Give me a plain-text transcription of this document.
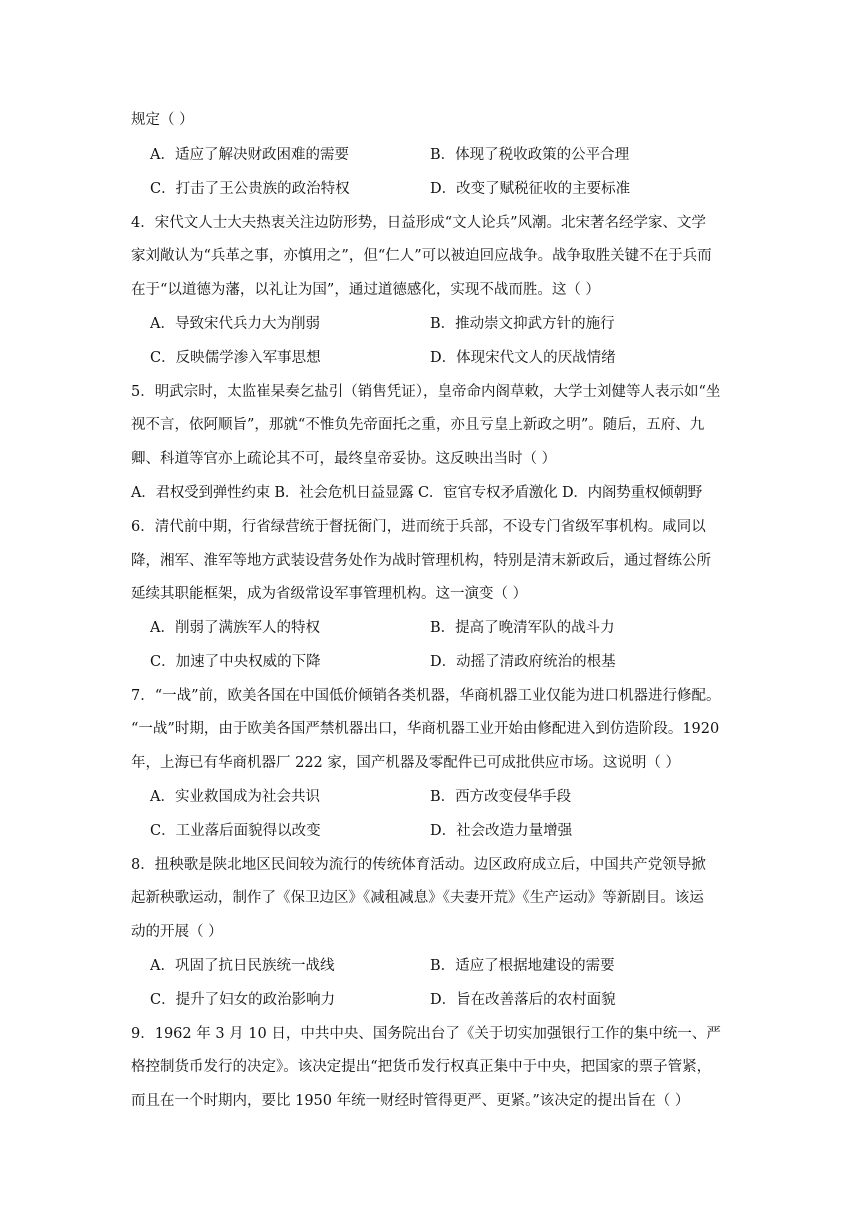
规定（ ）
A．适应了解决财政困难的需要	B．体现了税收政策的公平合理
C．打击了王公贵族的政治特权	D．改变了赋税征收的主要标准
4．宋代文人士大夫热衷关注边防形势，日益形成“文人论兵”风潮。北宋著名经学家、文学
家刘敞认为“兵革之事，亦慎用之”，但“仁人”可以被迫回应战争。战争取胜关键不在于兵而
在于“以道德为藩，以礼让为国”，通过道德感化，实现不战而胜。这（ ）
A．导致宋代兵力大为削弱	B．推动崇文抑武方针的施行
C．反映儒学渗入军事思想	D．体现宋代文人的厌战情绪
5．明武宗时，太监崔杲奏乞盐引（销售凭证），皇帝命内阁草敕，大学士刘健等人表示如“坐
视不言，依阿顺旨”，那就“不惟负先帝面托之重，亦且亏皇上新政之明”。随后，五府、九
卿、科道等官亦上疏论其不可，最终皇帝妥协。这反映出当时（ ）
A．君权受到弹性约束 B．社会危机日益显露 C．宦官专权矛盾激化 D．内阁势重权倾朝野
6．清代前中期，行省绿营统于督抚衙门，进而统于兵部，不设专门省级军事机构。咸同以
降，湘军、淮军等地方武装设营务处作为战时管理机构，特别是清末新政后，通过督练公所
延续其职能框架，成为省级常设军事管理机构。这一演变（ ）
A．削弱了满族军人的特权	B．提高了晚清军队的战斗力
C．加速了中央权威的下降	D．动摇了清政府统治的根基
7．“一战”前，欧美各国在中国低价倾销各类机器，华商机器工业仅能为进口机器进行修配。
“一战”时期，由于欧美各国严禁机器出口，华商机器工业开始由修配进入到仿造阶段。1920
年，上海已有华商机器厂 222 家，国产机器及零配件已可成批供应市场。这说明（ ）
A．实业救国成为社会共识	B．西方改变侵华手段
C．工业落后面貌得以改变	D．社会改造力量增强
8．扭秧歌是陕北地区民间较为流行的传统体育活动。边区政府成立后，中国共产党领导掀
起新秧歌运动，制作了《保卫边区》《减租减息》《夫妻开荒》《生产运动》等新剧目。该运
动的开展（ ）
A．巩固了抗日民族统一战线	B．适应了根据地建设的需要
C．提升了妇女的政治影响力	D．旨在改善落后的农村面貌
9．1962 年 3 月 10 日，中共中央、国务院出台了《关于切实加强银行工作的集中统一、严
格控制货币发行的决定》。该决定提出“把货币发行权真正集中于中央，把国家的票子管紧，
而且在一个时期内，要比 1950 年统一财经时管得更严、更紧。”该决定的提出旨在（ ）
